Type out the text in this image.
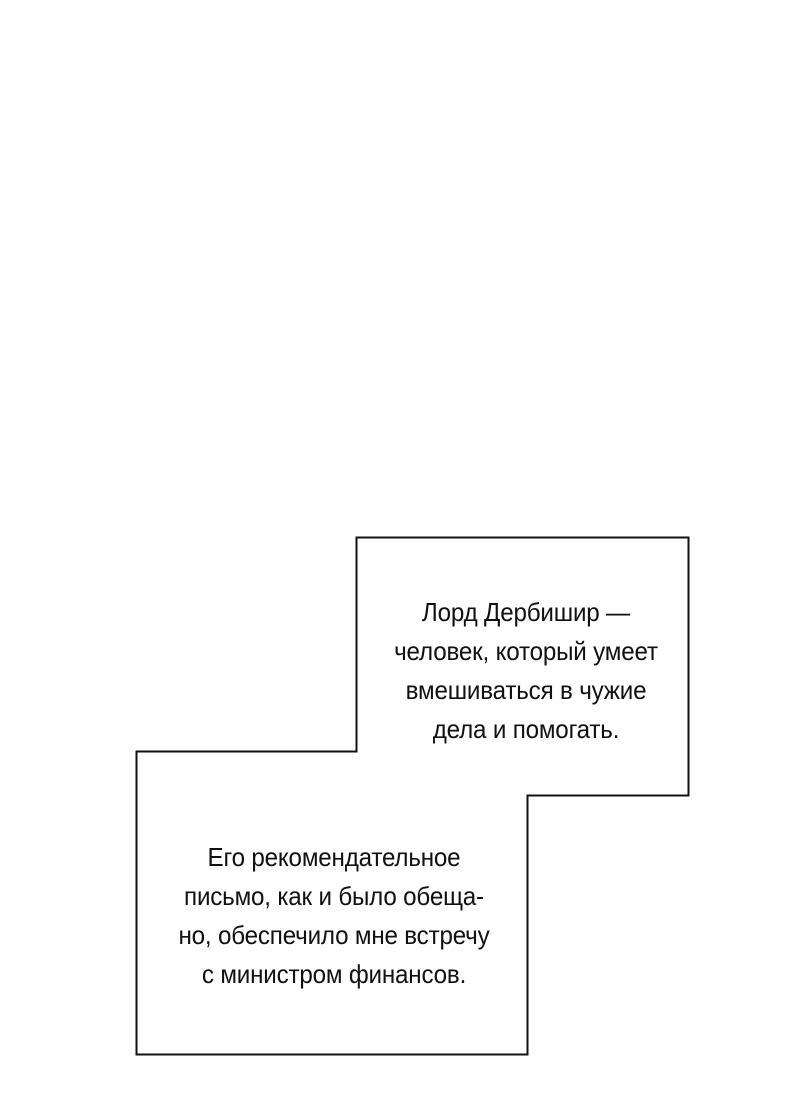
Лорд Дербишир —
человек, который умеет
вмешиваться в чужие
дела и помогать.
Его рекомендательное
письмо, как и было обеща-
но, обеспечило мне встречу
с министром финансов.
